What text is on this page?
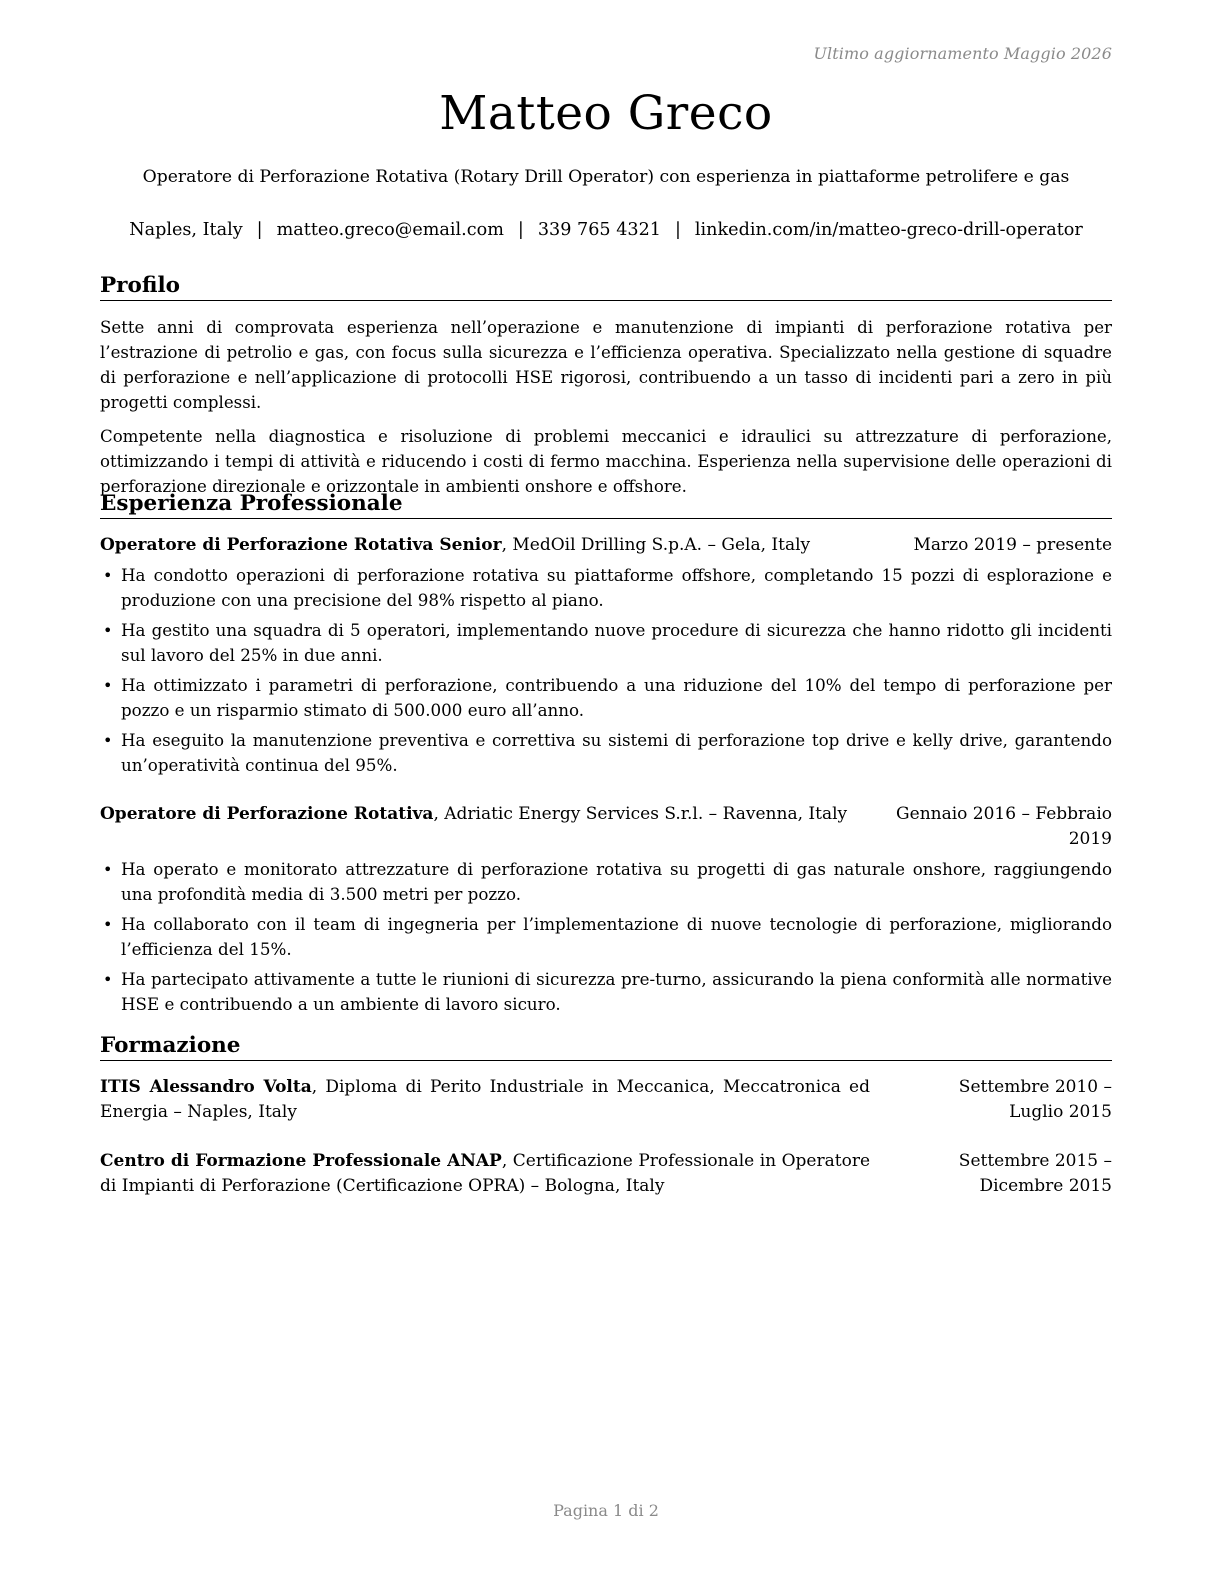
Ultimo aggiornamento Maggio 2026
Matteo Greco
Operatore di Perforazione Rotativa (Rotary Drill Operator) con esperienza in piattaforme petrolifere e gas
Naples, Italy | matteo.greco@email.com | 339 765 4321 | linkedin.com/in/matteo-greco-drill-operator
Profilo

Sette anni di comprovata esperienza nell’operazione e manutenzione di impianti di perforazione rotativa per l’estrazione di petrolio e gas, con focus sulla sicurezza e l’efficienza operativa. Specializzato nella gestione di squadre di perforazione e nell’applicazione di protocolli HSE rigorosi, contribuendo a un tasso di incidenti pari a zero in più progetti complessi.

Competente nella diagnostica e risoluzione di problemi meccanici e idraulici su attrezzature di perforazione, ottimizzando i tempi di attività e riducendo i costi di fermo macchina. Esperienza nella supervisione delle operazioni di perforazione direzionale e orizzontale in ambienti onshore e offshore.

Esperienza Professionale
Operatore di Perforazione Rotativa Senior, MedOil Drilling S.p.A. – Gela, Italy	Marzo 2019 – presente
• Ha condotto operazioni di perforazione rotativa su piattaforme offshore, completando 15 pozzi di esplorazione e produzione con una precisione del 98% rispetto al piano.
• Ha gestito una squadra di 5 operatori, implementando nuove procedure di sicurezza che hanno ridotto gli incidenti sul lavoro del 25% in due anni.
• Ha ottimizzato i parametri di perforazione, contribuendo a una riduzione del 10% del tempo di perforazione per pozzo e un risparmio stimato di 500.000 euro all’anno.
• Ha eseguito la manutenzione preventiva e correttiva su sistemi di perforazione top drive e kelly drive, garantendo un’operatività continua del 95%.
Operatore di Perforazione Rotativa, Adriatic Energy Services S.r.l. – Ravenna, Italy	Gennaio 2016 – Febbraio 2019
• Ha operato e monitorato attrezzature di perforazione rotativa su progetti di gas naturale onshore, raggiungendo una profondità media di 3.500 metri per pozzo.
• Ha collaborato con il team di ingegneria per l’implementazione di nuove tecnologie di perforazione, migliorando l’efficienza del 15%.
• Ha partecipato attivamente a tutte le riunioni di sicurezza pre-turno, assicurando la piena conformità alle normative HSE e contribuendo a un ambiente di lavoro sicuro.
Formazione
ITIS Alessandro Volta, Diploma di Perito Industriale in Meccanica, Meccatronica ed Energia – Naples, Italy
Settembre 2010 – Luglio 2015
Centro di Formazione Professionale ANAP, Certificazione Professionale in Operatore di Impianti di Perforazione (Certificazione OPRA) – Bologna, Italy
Settembre 2015 – Dicembre 2015
Pagina 1 di 2
